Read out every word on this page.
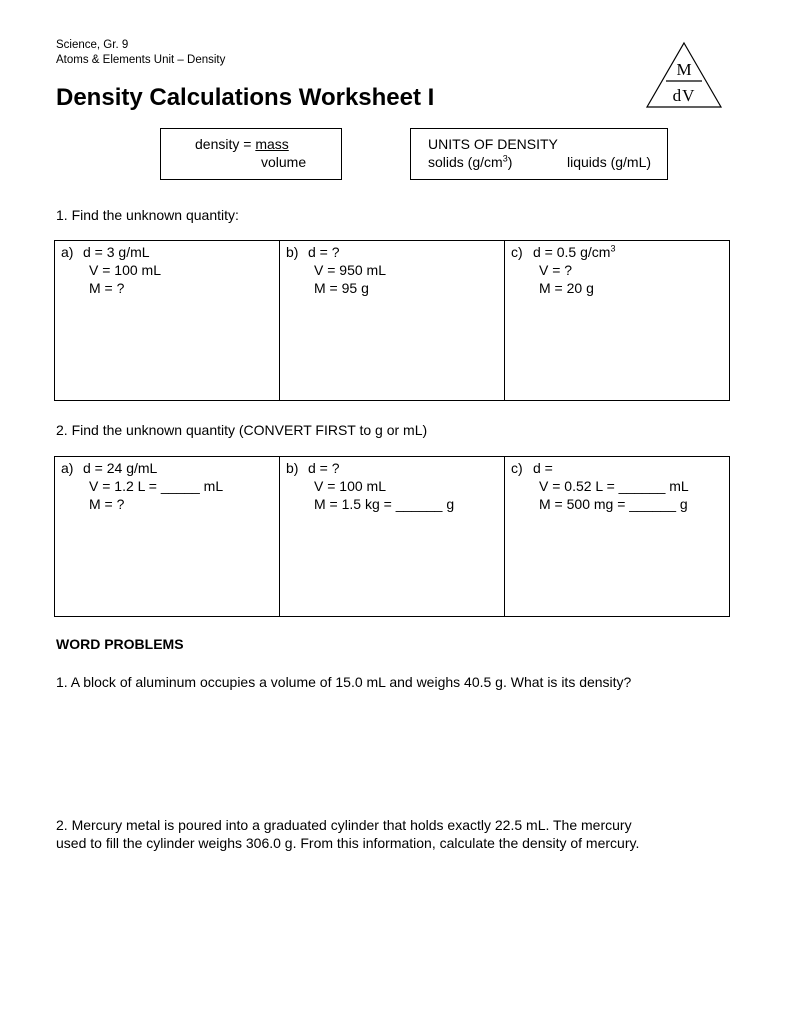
Science, Gr. 9
Atoms & Elements Unit – Density
Density Calculations Worksheet I
M
dV
density = mass
volume
UNITS OF DENSITY
solids $(g/cm^3)$	liquids (g/mL)
1. Find the unknown quantity:
a) d = 3 g/mL
V = 100 mL
M = ?

b) d = ?
V = 950 mL
M = 95 g

c) d = 0.5 $g/cm^3$
V = ?
M = 20 g
2. Find the unknown quantity (CONVERT FIRST to g or mL)
a) d = 24 g/mL
V = 1.2 L = _____ mL
M = ?

b) d = ?
V = 100 mL
M = 1.5 kg = ______ g

c) d =
V = 0.52 L = ______ mL
M = 500 mg = ______ g
WORD PROBLEMS
1. A block of aluminum occupies a volume of 15.0 mL and weighs 40.5 g. What is its density?
2. Mercury metal is poured into a graduated cylinder that holds exactly 22.5 mL. The mercury
used to fill the cylinder weighs 306.0 g. From this information, calculate the density of mercury.
